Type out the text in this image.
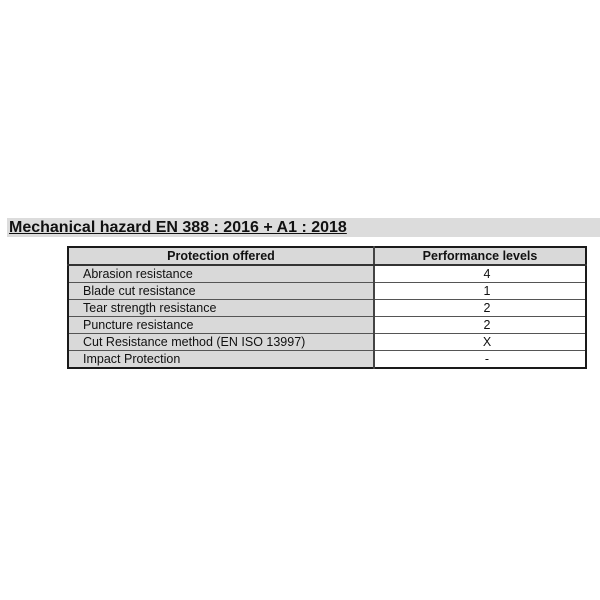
Mechanical hazard EN 388 : 2016 + A1 : 2018
Protection offered	Performance levels
Abrasion resistance	4
Blade cut resistance	1
Tear strength resistance	2
Puncture resistance	2
Cut Resistance method (EN ISO 13997)	X
Impact Protection	-
